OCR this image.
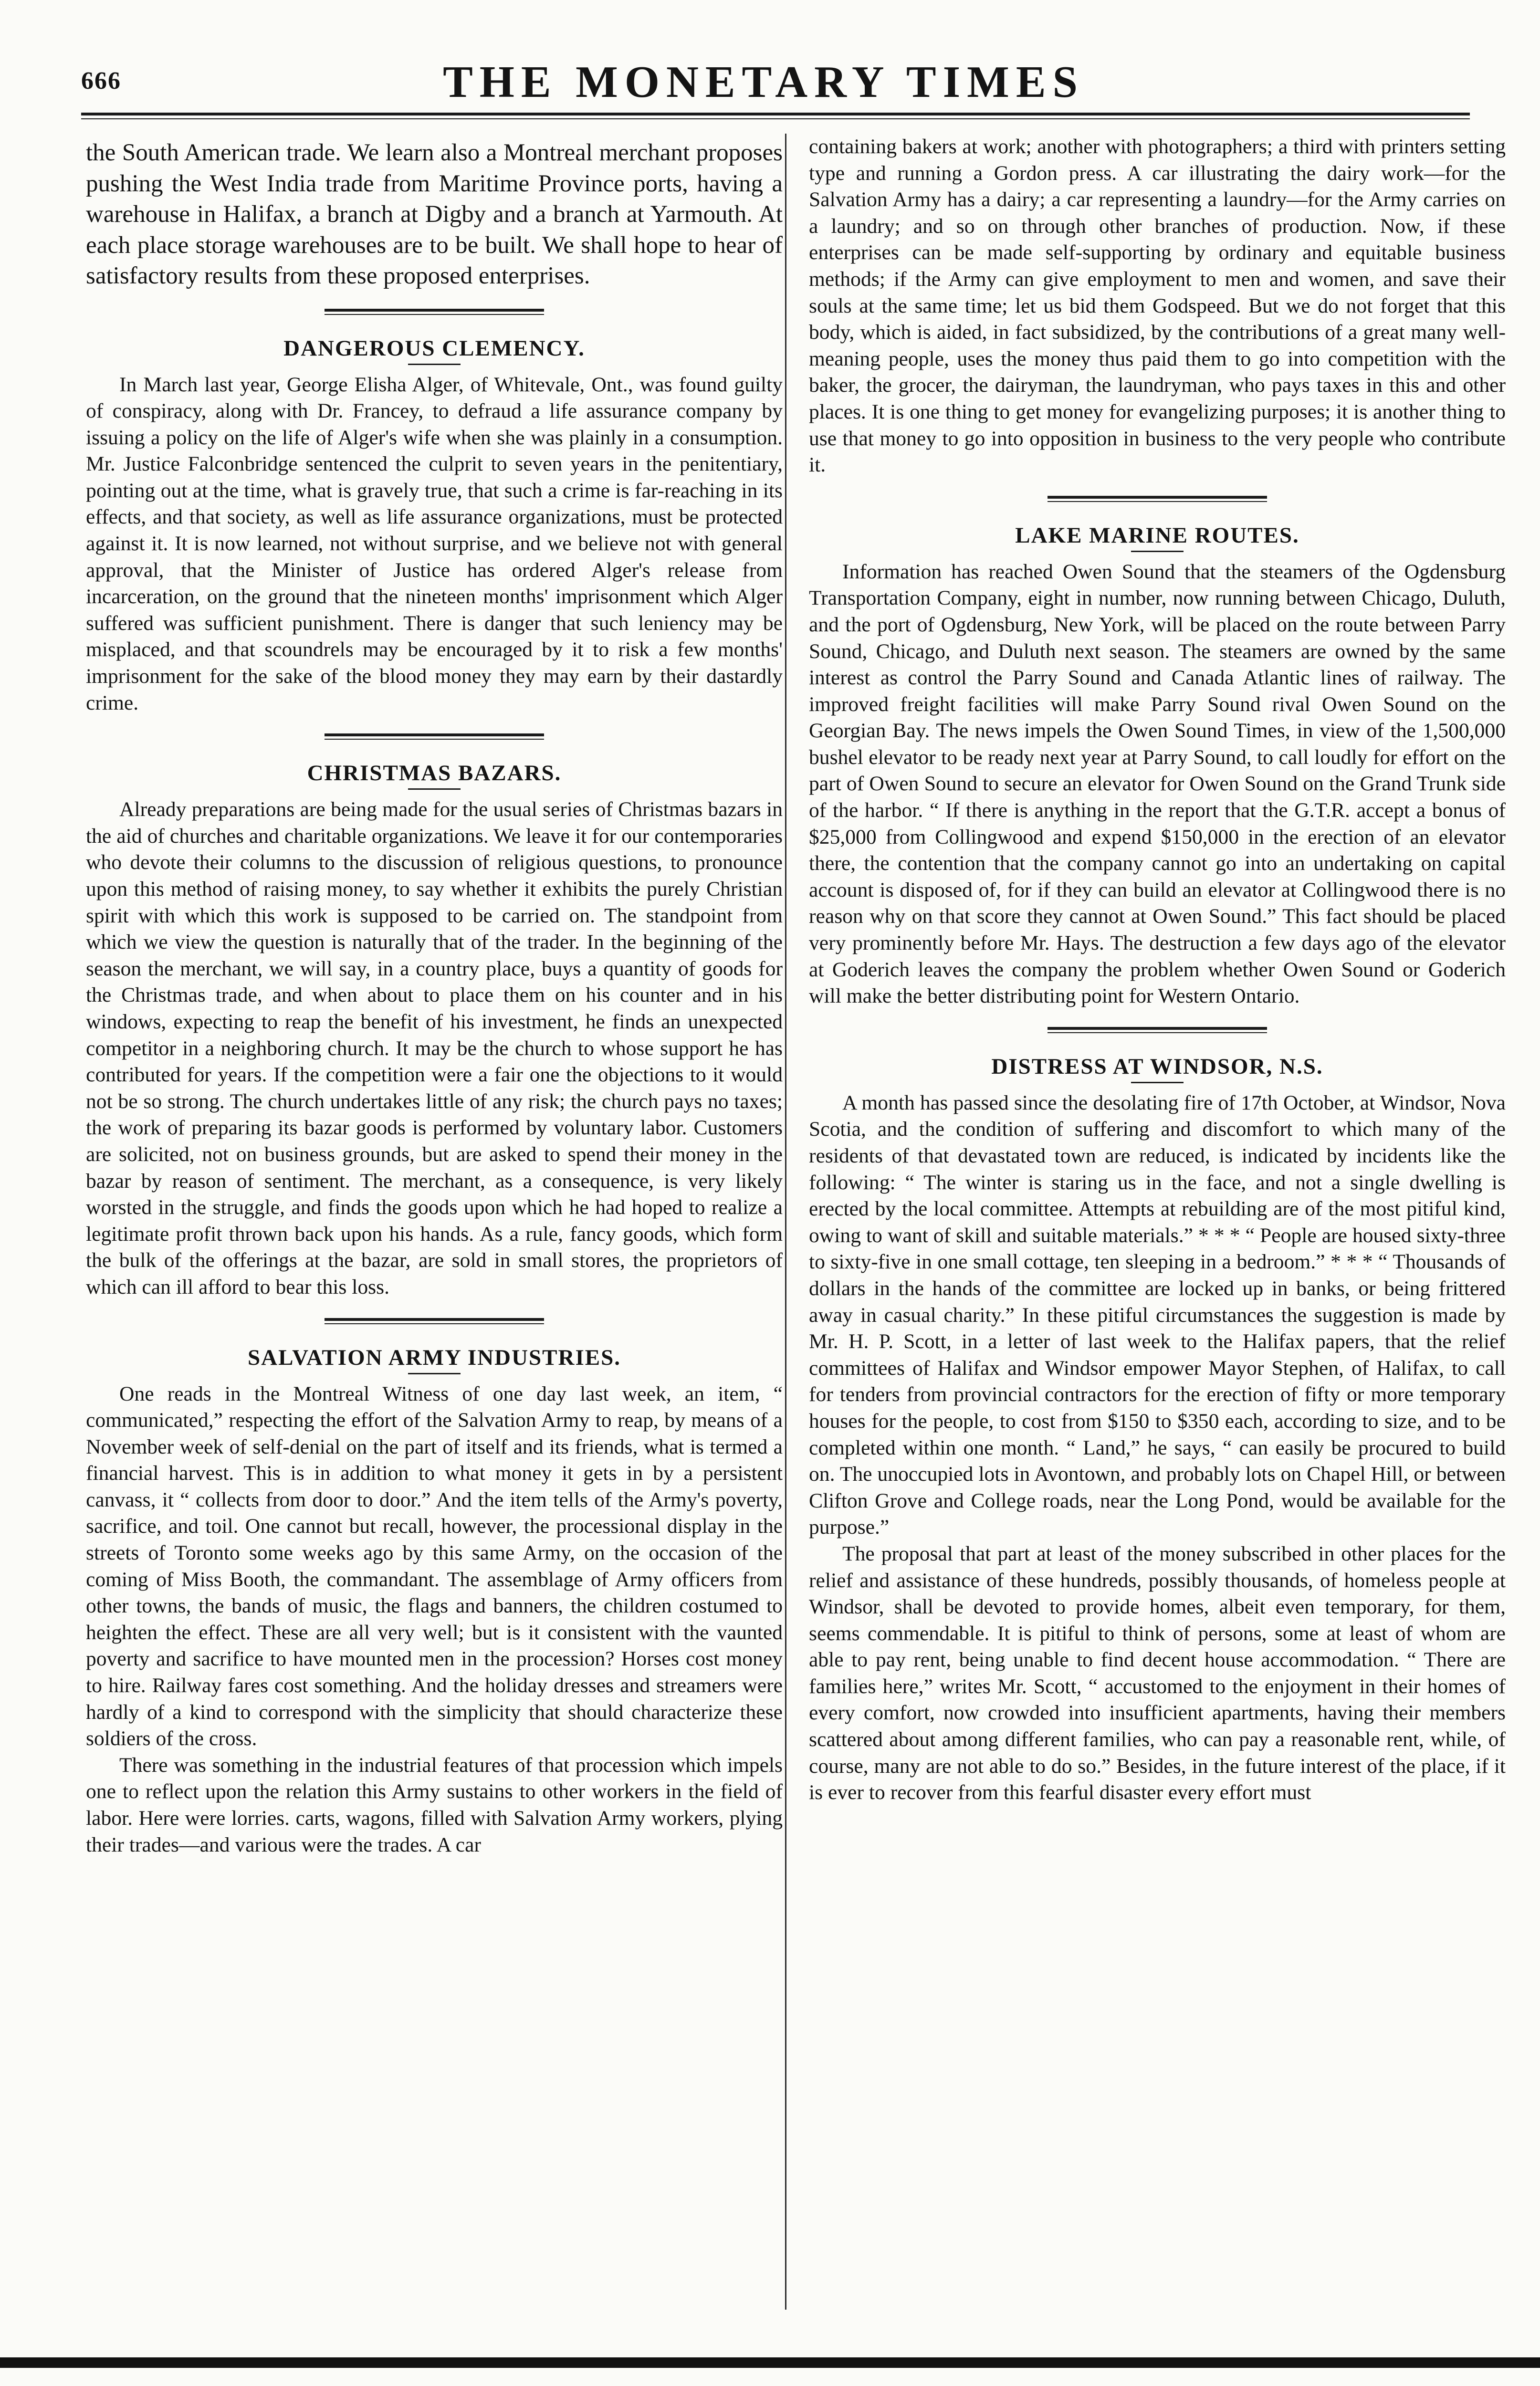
666	THE MONETARY TIMES

the South American trade. We learn also a Montreal merchant proposes pushing the West India trade from Maritime Province ports, having a warehouse in Halifax, a branch at Digby and a branch at Yarmouth. At each place storage warehouses are to be built. We shall hope to hear of satisfactory results from these proposed enterprises.

DANGEROUS CLEMENCY.

In March last year, George Elisha Alger, of Whitevale, Ont., was found guilty of conspiracy, along with Dr. Francey, to defraud a life assurance company by issuing a policy on the life of Alger's wife when she was plainly in a consumption. Mr. Justice Falconbridge sentenced the culprit to seven years in the penitentiary, pointing out at the time, what is gravely true, that such a crime is far-reaching in its effects, and that society, as well as life assurance organizations, must be protected against it. It is now learned, not without surprise, and we believe not with general approval, that the Minister of Justice has ordered Alger's release from incarceration, on the ground that the nineteen months' imprisonment which Alger suffered was sufficient punishment. There is danger that such leniency may be misplaced, and that scoundrels may be encouraged by it to risk a few months' imprisonment for the sake of the blood money they may earn by their dastardly crime.

CHRISTMAS BAZARS.

Already preparations are being made for the usual series of Christmas bazars in the aid of churches and charitable organizations. We leave it for our contemporaries who devote their columns to the discussion of religious questions, to pronounce upon this method of raising money, to say whether it exhibits the purely Christian spirit with which this work is supposed to be carried on. The standpoint from which we view the question is naturally that of the trader. In the beginning of the season the merchant, we will say, in a country place, buys a quantity of goods for the Christmas trade, and when about to place them on his counter and in his windows, expecting to reap the benefit of his investment, he finds an unexpected competitor in a neighboring church. It may be the church to whose support he has contributed for years. If the competition were a fair one the objections to it would not be so strong. The church undertakes little of any risk; the church pays no taxes; the work of preparing its bazar goods is performed by voluntary labor. Customers are solicited, not on business grounds, but are asked to spend their money in the bazar by reason of sentiment. The merchant, as a consequence, is very likely worsted in the struggle, and finds the goods upon which he had hoped to realize a legitimate profit thrown back upon his hands. As a rule, fancy goods, which form the bulk of the offerings at the bazar, are sold in small stores, the proprietors of which can ill afford to bear this loss.

SALVATION ARMY INDUSTRIES.

One reads in the Montreal Witness of one day last week, an item, “ communicated,” respecting the effort of the Salvation Army to reap, by means of a November week of self-denial on the part of itself and its friends, what is termed a financial harvest. This is in addition to what money it gets in by a persistent canvass, it “ collects from door to door.” And the item tells of the Army's poverty, sacrifice, and toil. One cannot but recall, however, the processional display in the streets of Toronto some weeks ago by this same Army, on the occasion of the coming of Miss Booth, the commandant. The assemblage of Army officers from other towns, the bands of music, the flags and banners, the children costumed to heighten the effect. These are all very well; but is it consistent with the vaunted poverty and sacrifice to have mounted men in the procession? Horses cost money to hire. Railway fares cost something. And the holiday dresses and streamers were hardly of a kind to correspond with the simplicity that should characterize these soldiers of the cross.

There was something in the industrial features of that procession which impels one to reflect upon the relation this Army sustains to other workers in the field of labor. Here were lorries. carts, wagons, filled with Salvation Army workers, plying their trades—and various were the trades. A car

containing bakers at work; another with photographers; a third with printers setting type and running a Gordon press. A car illustrating the dairy work—for the Salvation Army has a dairy; a car representing a laundry—for the Army carries on a laundry; and so on through other branches of production. Now, if these enterprises can be made self-supporting by ordinary and equitable business methods; if the Army can give employment to men and women, and save their souls at the same time; let us bid them Godspeed. But we do not forget that this body, which is aided, in fact subsidized, by the contributions of a great many well-meaning people, uses the money thus paid them to go into competition with the baker, the grocer, the dairyman, the laundryman, who pays taxes in this and other places. It is one thing to get money for evangelizing purposes; it is another thing to use that money to go into opposition in business to the very people who contribute it.

LAKE MARINE ROUTES.

Information has reached Owen Sound that the steamers of the Ogdensburg Transportation Company, eight in number, now running between Chicago, Duluth, and the port of Ogdensburg, New York, will be placed on the route between Parry Sound, Chicago, and Duluth next season. The steamers are owned by the same interest as control the Parry Sound and Canada Atlantic lines of railway. The improved freight facilities will make Parry Sound rival Owen Sound on the Georgian Bay. The news impels the Owen Sound Times, in view of the 1,500,000 bushel elevator to be ready next year at Parry Sound, to call loudly for effort on the part of Owen Sound to secure an elevator for Owen Sound on the Grand Trunk side of the harbor. “ If there is anything in the report that the G.T.R. accept a bonus of $25,000 from Collingwood and expend $150,000 in the erection of an elevator there, the contention that the company cannot go into an undertaking on capital account is disposed of, for if they can build an elevator at Collingwood there is no reason why on that score they cannot at Owen Sound.” This fact should be placed very prominently before Mr. Hays. The destruction a few days ago of the elevator at Goderich leaves the company the problem whether Owen Sound or Goderich will make the better distributing point for Western Ontario.

DISTRESS AT WINDSOR, N.S.

A month has passed since the desolating fire of 17th October, at Windsor, Nova Scotia, and the condition of suffering and discomfort to which many of the residents of that devastated town are reduced, is indicated by incidents like the following: “ The winter is staring us in the face, and not a single dwelling is erected by the local committee. Attempts at rebuilding are of the most pitiful kind, owing to want of skill and suitable materials.” * * * “ People are housed sixty-three to sixty-five in one small cottage, ten sleeping in a bedroom.” * * * “ Thousands of dollars in the hands of the committee are locked up in banks, or being frittered away in casual charity.” In these pitiful circumstances the suggestion is made by Mr. H. P. Scott, in a letter of last week to the Halifax papers, that the relief committees of Halifax and Windsor empower Mayor Stephen, of Halifax, to call for tenders from provincial contractors for the erection of fifty or more temporary houses for the people, to cost from $150 to $350 each, according to size, and to be completed within one month. “ Land,” he says, “ can easily be procured to build on. The unoccupied lots in Avontown, and probably lots on Chapel Hill, or between Clifton Grove and College roads, near the Long Pond, would be available for the purpose.”

The proposal that part at least of the money subscribed in other places for the relief and assistance of these hundreds, possibly thousands, of homeless people at Windsor, shall be devoted to provide homes, albeit even temporary, for them, seems commendable. It is pitiful to think of persons, some at least of whom are able to pay rent, being unable to find decent house accommodation. “ There are families here,” writes Mr. Scott, “ accustomed to the enjoyment in their homes of every comfort, now crowded into insufficient apartments, having their members scattered about among different families, who can pay a reasonable rent, while, of course, many are not able to do so.” Besides, in the future interest of the place, if it is ever to recover from this fearful disaster every effort must
